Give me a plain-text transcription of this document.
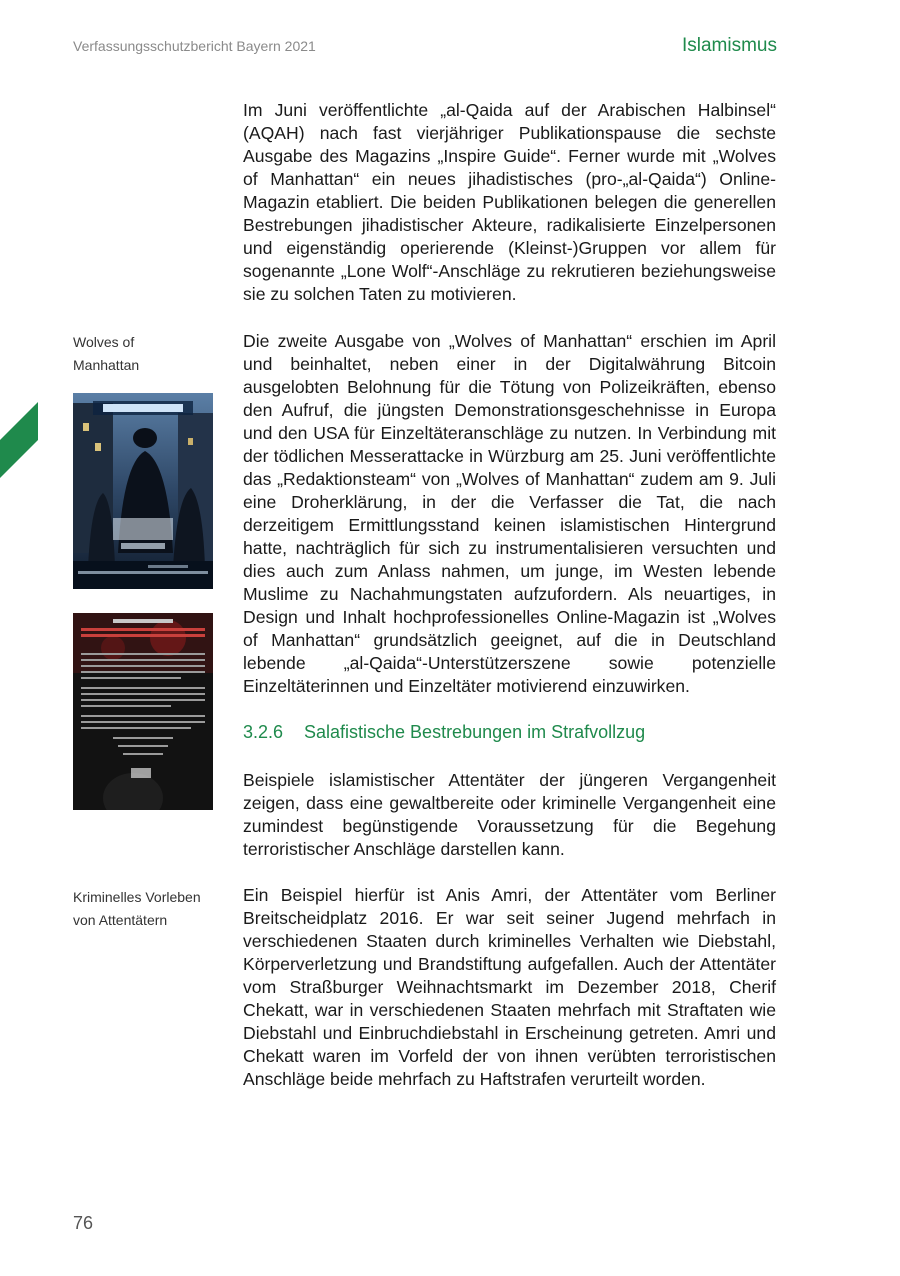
Verfassungsschutzbericht Bayern 2021	Islamismus
Wolves of
Manhattan
Kriminelles Vorleben
von Attentätern

Im Juni veröffentlichte „al-Qaida auf der Arabischen Halbinsel“ (AQAH) nach fast vierjähriger Publikationspause die sechste Ausgabe des Magazins „Inspire Guide“. Ferner wurde mit „Wolves of Manhattan“ ein neues jihadistisches (pro-„al-Qaida“) Online-Magazin etabliert. Die beiden Publikationen belegen die generellen Bestrebungen jihadistischer Akteure, radikalisierte Einzelpersonen und eigenständig operierende (Kleinst-)Gruppen vor allem für sogenannte „Lone Wolf“-Anschläge zu rekrutieren beziehungsweise sie zu solchen Taten zu motivieren.

Die zweite Ausgabe von „Wolves of Manhattan“ erschien im April und beinhaltet, neben einer in der Digitalwährung Bitcoin ausgelobten Belohnung für die Tötung von Polizeikräften, ebenso den Aufruf, die jüngsten Demonstrationsgeschehnisse in Europa und den USA für Einzeltäteranschläge zu nutzen. In Verbindung mit der tödlichen Messerattacke in Würzburg am 25. Juni veröffentlichte das „Redaktionsteam“ von „Wolves of Manhattan“ zudem am 9. Juli eine Droherklärung, in der die Verfasser die Tat, die nach derzeitigem Ermittlungsstand keinen islamistischen Hintergrund hatte, nachträglich für sich zu instrumentalisieren versuchten und dies auch zum Anlass nahmen, um junge, im Westen lebende Muslime zu Nachahmungstaten aufzufordern. Als neuartiges, in Design und Inhalt hochprofessionelles Online-Magazin ist „Wolves of Manhattan“ grundsätzlich geeignet, auf die in Deutschland lebende „al-Qaida“-Unterstützerszene sowie potenzielle Einzeltäterinnen und Einzeltäter motivierend einzuwirken.

3.2.6 Salafistische Bestrebungen im Strafvollzug

Beispiele islamistischer Attentäter der jüngeren Vergangenheit zeigen, dass eine gewaltbereite oder kriminelle Vergangenheit eine zumindest begünstigende Voraussetzung für die Begehung terroristischer Anschläge darstellen kann.

Ein Beispiel hierfür ist Anis Amri, der Attentäter vom Berliner Breitscheidplatz 2016. Er war seit seiner Jugend mehrfach in verschiedenen Staaten durch kriminelles Verhalten wie Diebstahl, Körperverletzung und Brandstiftung aufgefallen. Auch der Attentäter vom Straßburger Weihnachtsmarkt im Dezember 2018, Cherif Chekatt, war in verschiedenen Staaten mehrfach mit Straftaten wie Diebstahl und Einbruchdiebstahl in Erscheinung getreten. Amri und Chekatt waren im Vorfeld der von ihnen verübten terroristischen Anschläge beide mehrfach zu Haftstrafen verurteilt worden.

76
